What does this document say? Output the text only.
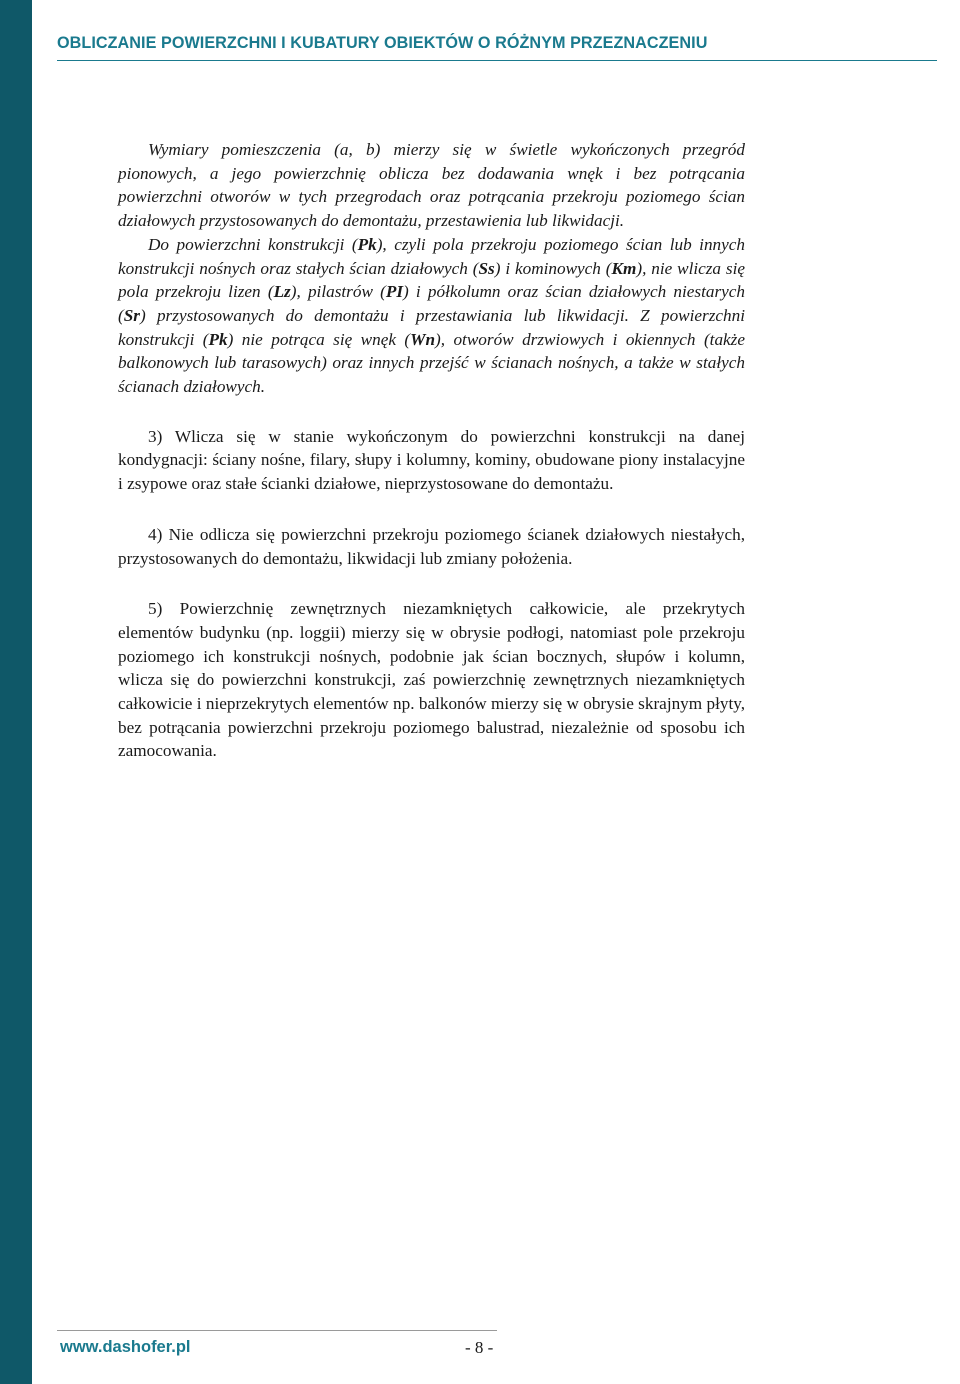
OBLICZANIE POWIERZCHNI I KUBATURY OBIEKTÓW O RÓŻNYM PRZEZNACZENIU

Wymiary pomieszczenia (a, b) mierzy się w świetle wykończonych przegród pionowych, a jego powierzchnię oblicza bez dodawania wnęk i bez potrącania powierzchni otworów w tych przegrodach oraz potrącania przekroju poziomego ścian działowych przystosowanych do demontażu, przestawienia lub likwidacji.

Do powierzchni konstrukcji (Pk), czyli pola przekroju poziomego ścian lub innych konstrukcji nośnych oraz stałych ścian działowych (Ss) i kominowych (Km), nie wlicza się pola przekroju lizen (Lz), pilastrów (PI) i półkolumn oraz ścian działowych niestarych (Sr) przystosowanych do demontażu i przestawiania lub likwidacji. Z powierzchni konstrukcji (Pk) nie potrąca się wnęk (Wn), otworów drzwiowych i okiennych (także balkonowych lub tarasowych) oraz innych przejść w ścianach nośnych, a także w stałych ścianach działowych.

3) Wlicza się w stanie wykończonym do powierzchni konstrukcji na danej kondygnacji: ściany nośne, filary, słupy i kolumny, kominy, obudowane piony instalacyjne i zsypowe oraz stałe ścianki działowe, nieprzystosowane do demontażu.

4) Nie odlicza się powierzchni przekroju poziomego ścianek działowych niestałych, przystosowanych do demontażu, likwidacji lub zmiany położenia.

5) Powierzchnię zewnętrznych niezamkniętych całkowicie, ale przekrytych elementów budynku (np. loggii) mierzy się w obrysie podłogi, natomiast pole przekroju poziomego ich konstrukcji nośnych, podobnie jak ścian bocznych, słupów i kolumn, wlicza się do powierzchni konstrukcji, zaś powierzchnię zewnętrznych niezamkniętych całkowicie i nieprzekrytych elementów np. balkonów mierzy się w obrysie skrajnym płyty, bez potrącania powierzchni przekroju poziomego balustrad, niezależnie od sposobu ich zamocowania.

www.dashofer.pl	- 8 -
